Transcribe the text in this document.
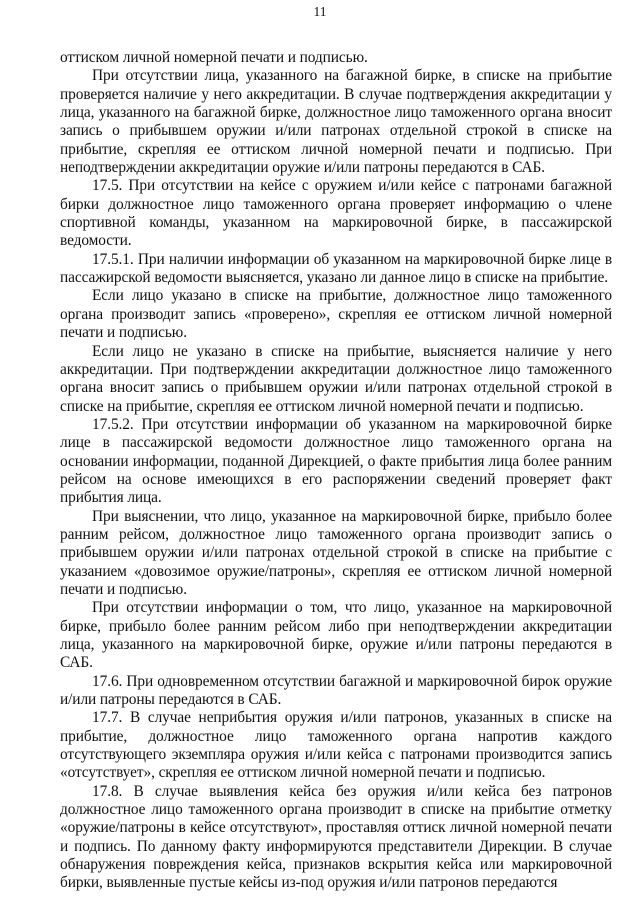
11

оттиском личной номерной печати и подписью.

При отсутствии лица, указанного на багажной бирке, в списке на прибытие проверяется наличие у него аккредитации. В случае подтверждения аккредитации у лица, указанного на багажной бирке, должностное лицо таможенного органа вносит запись о прибывшем оружии и/или патронах отдельной строкой в списке на прибытие, скрепляя ее оттиском личной номерной печати и подписью. При неподтверждении аккредитации оружие и/или патроны передаются в САБ.

17.5. При отсутствии на кейсе с оружием и/или кейсе с патронами багажной бирки должностное лицо таможенного органа проверяет информацию о члене спортивной команды, указанном на маркировочной бирке, в пассажирской ведомости.

17.5.1. При наличии информации об указанном на маркировочной бирке лице в пассажирской ведомости выясняется, указано ли данное лицо в списке на прибытие.

Если лицо указано в списке на прибытие, должностное лицо таможенного органа производит запись «проверено», скрепляя ее оттиском личной номерной печати и подписью.

Если лицо не указано в списке на прибытие, выясняется наличие у него аккредитации. При подтверждении аккредитации должностное лицо таможенного органа вносит запись о прибывшем оружии и/или патронах отдельной строкой в списке на прибытие, скрепляя ее оттиском личной номерной печати и подписью.

17.5.2. При отсутствии информации об указанном на маркировочной бирке лице в пассажирской ведомости должностное лицо таможенного органа на основании информации, поданной Дирекцией, о факте прибытия лица более ранним рейсом на основе имеющихся в его распоряжении сведений проверяет факт прибытия лица.

При выяснении, что лицо, указанное на маркировочной бирке, прибыло более ранним рейсом, должностное лицо таможенного органа производит запись о прибывшем оружии и/или патронах отдельной строкой в списке на прибытие с указанием «довозимое оружие/патроны», скрепляя ее оттиском личной номерной печати и подписью.

При отсутствии информации о том, что лицо, указанное на маркировочной бирке, прибыло более ранним рейсом либо при неподтверждении аккредитации лица, указанного на маркировочной бирке, оружие и/или патроны передаются в САБ.

17.6. При одновременном отсутствии багажной и маркировочной бирок оружие и/или патроны передаются в САБ.

17.7. В случае неприбытия оружия и/или патронов, указанных в списке на прибытие, должностное лицо таможенного органа напротив каждого отсутствующего экземпляра оружия и/или кейса с патронами производится запись «отсутствует», скрепляя ее оттиском личной номерной печати и подписью.

17.8. В случае выявления кейса без оружия и/или кейса без патронов должностное лицо таможенного органа производит в списке на прибытие отметку «оружие/патроны в кейсе отсутствуют», проставляя оттиск личной номерной печати и подпись. По данному факту информируются представители Дирекции. В случае обнаружения повреждения кейса, признаков вскрытия кейса или маркировочной бирки, выявленные пустые кейсы из-под оружия и/или патронов передаются
